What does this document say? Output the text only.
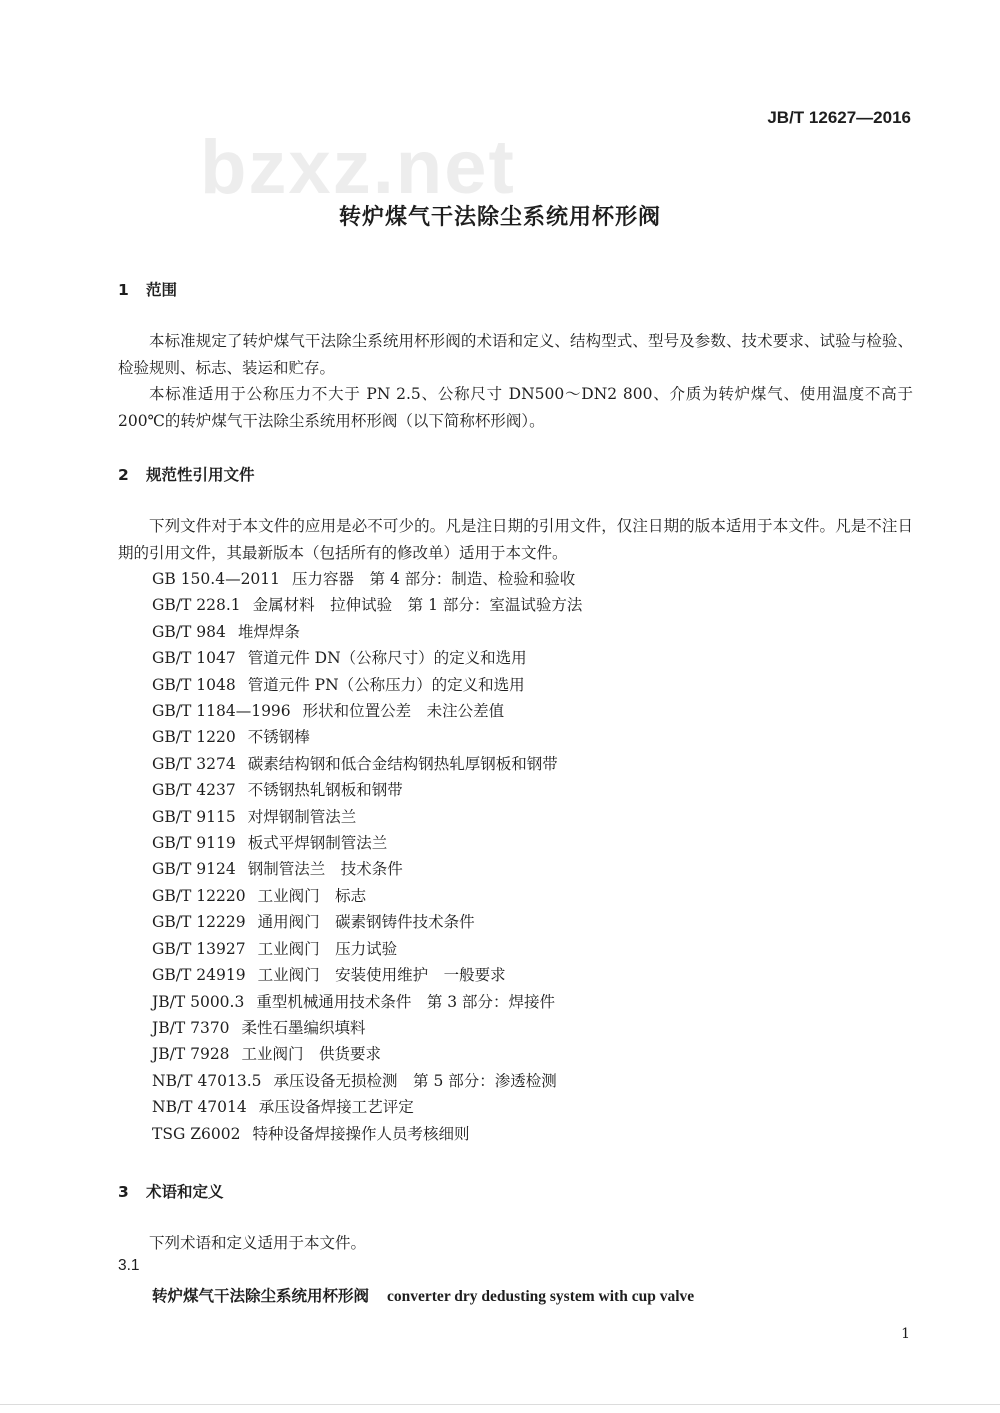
JB/T 12627—2016
bzxz.net
转炉煤气干法除尘系统用杯形阀
1 范围

本标准规定了转炉煤气干法除尘系统用杯形阀的术语和定义、结构型式、型号及参数、技术要求、试验与检验、检验规则、标志、装运和贮存。

本标准适用于公称压力不大于 PN 2.5、公称尺寸 DN500～DN2 800、介质为转炉煤气、使用温度不高于 200℃的转炉煤气干法除尘系统用杯形阀（以下简称杯形阀）。

2 规范性引用文件

下列文件对于本文件的应用是必不可少的。凡是注日期的引用文件，仅注日期的版本适用于本文件。凡是不注日期的引用文件，其最新版本（包括所有的修改单）适用于本文件。

GB 150.4—2011 压力容器　第 4 部分：制造、检验和验收
GB/T 228.1 金属材料　拉伸试验　第 1 部分：室温试验方法
GB/T 984 堆焊焊条
GB/T 1047 管道元件 DN（公称尺寸）的定义和选用
GB/T 1048 管道元件 PN（公称压力）的定义和选用
GB/T 1184—1996 形状和位置公差　未注公差值
GB/T 1220 不锈钢棒
GB/T 3274 碳素结构钢和低合金结构钢热轧厚钢板和钢带
GB/T 4237 不锈钢热轧钢板和钢带
GB/T 9115 对焊钢制管法兰
GB/T 9119 板式平焊钢制管法兰
GB/T 9124 钢制管法兰　技术条件
GB/T 12220 工业阀门　标志
GB/T 12229 通用阀门　碳素钢铸件技术条件
GB/T 13927 工业阀门　压力试验
GB/T 24919 工业阀门　安装使用维护　一般要求
JB/T 5000.3 重型机械通用技术条件　第 3 部分：焊接件
JB/T 7370 柔性石墨编织填料
JB/T 7928 工业阀门　供货要求
NB/T 47013.5 承压设备无损检测　第 5 部分：渗透检测
NB/T 47014 承压设备焊接工艺评定
TSG Z6002 特种设备焊接操作人员考核细则
3 术语和定义

下列术语和定义适用于本文件。

3.1
转炉煤气干法除尘系统用杯形阀 converter dry dedusting system with cup valve
1
